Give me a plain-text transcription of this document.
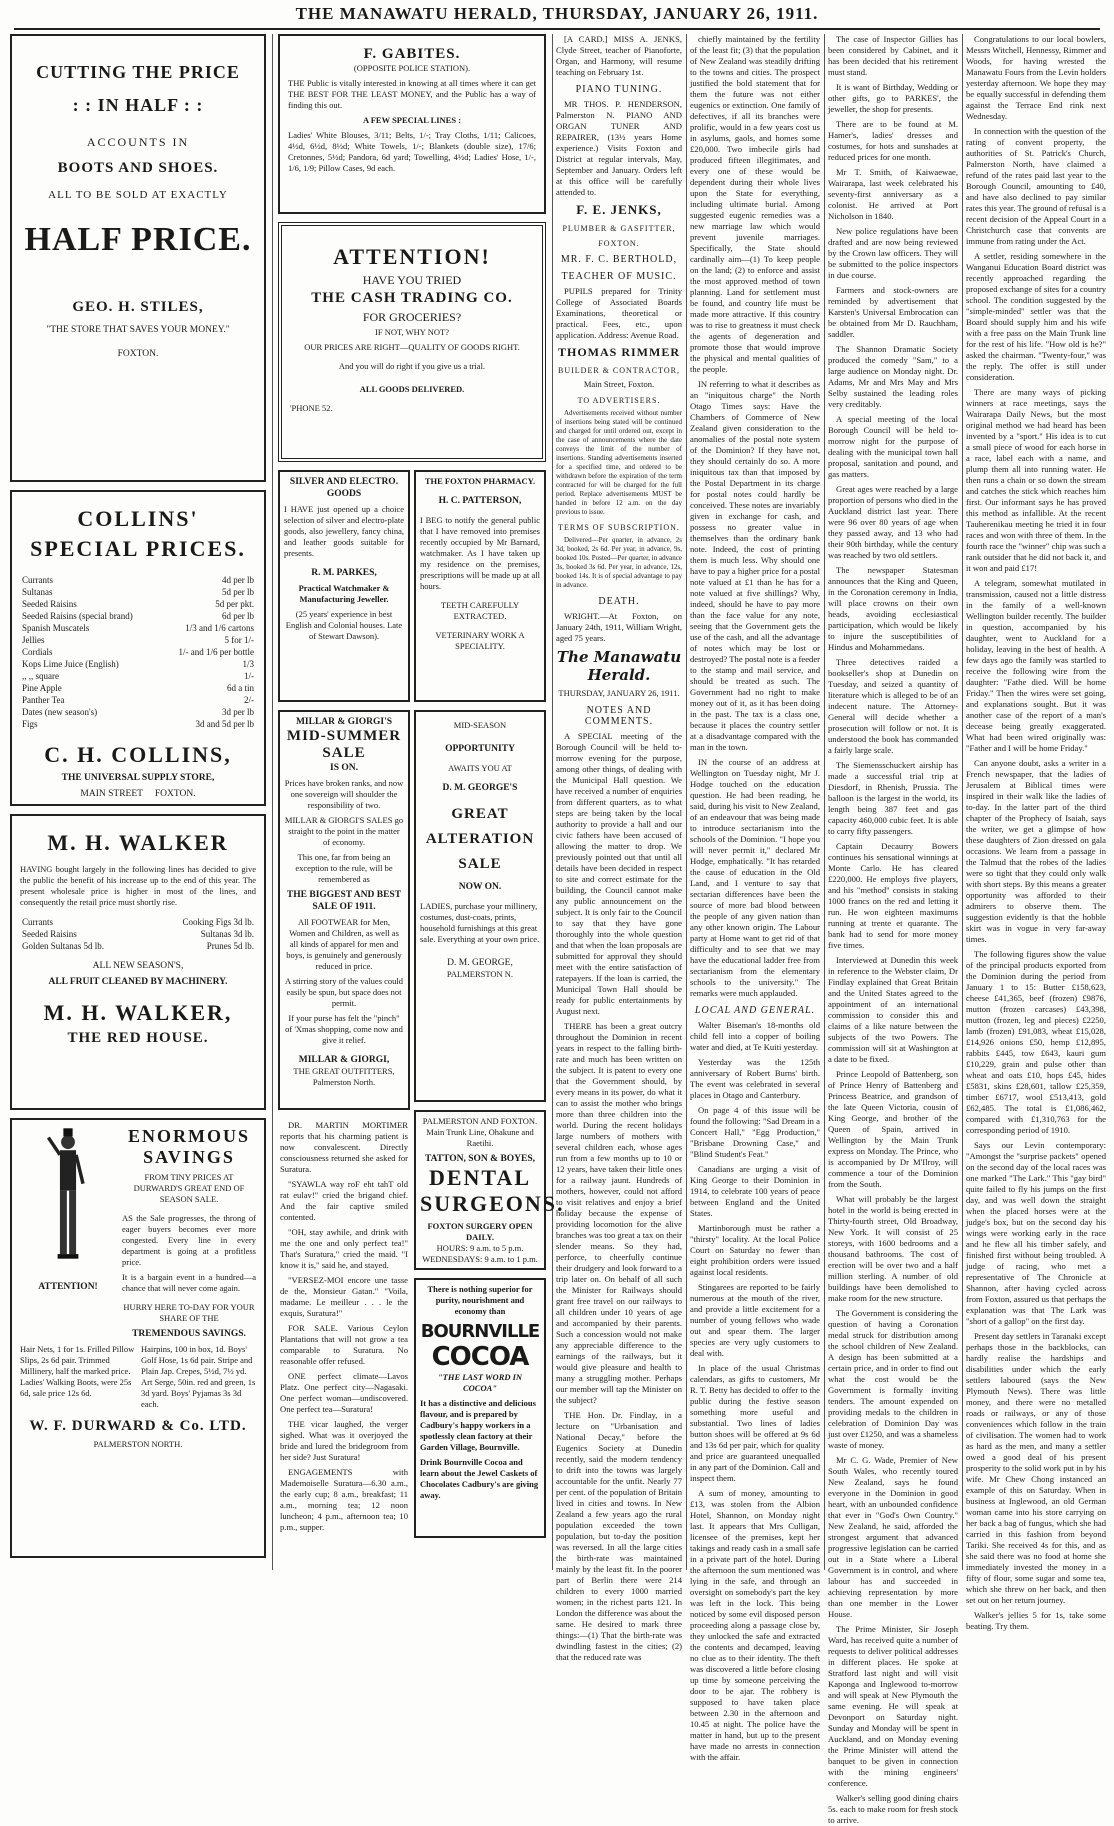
THE MANAWATU HERALD, THURSDAY, JANUARY 26, 1911.
CUTTING THE PRICE
: : IN HALF : :
ACCOUNTS IN
BOOTS AND SHOES.
ALL TO BE SOLD AT EXACTLY
HALF PRICE.
GEO. H. STILES,
"THE STORE THAT SAVES YOUR MONEY."
FOXTON.
COLLINS'
SPECIAL PRICES.
Currants	4d per lb
Sultanas	5d per lb
Seeded Raisins	5d per pkt.
Seeded Raisins (special brand)	6d per lb
Spanish Muscatels	1/3 and 1/6 cartons
Jellies	5 for 1/-
Cordials	1/- and 1/6 per bottle
Kops Lime Juice (English)	1/3
,, ,, square	1/-
Pine Apple	6d a tin
Panther Tea	2/-
Dates (new season's)	3d per lb
Figs	3d and 5d per lb
C. H. COLLINS,
THE UNIVERSAL SUPPLY STORE,
MAIN STREET FOXTON.
M. H. WALKER
HAVING bought largely in the following lines has decided to give the public the benefit of his increase up to the end of this year. The present wholesale price is higher in most of the lines, and consequently the retail price must shortly rise.
Currants	Cooking Figs 3d lb.
Seeded Raisins	Sultanas 3d lb.
Golden Sultanas 5d lb.	Prunes 5d lb.
ALL NEW SEASON'S,
ALL FRUIT CLEANED BY MACHINERY.
M. H. WALKER,
THE RED HOUSE.
ATTENTION!
ENORMOUS
SAVINGS
FROM TINY PRICES AT DURWARD'S GREAT END OF SEASON SALE.
AS the Sale progresses, the throng of eager buyers becomes ever more congested. Every line in every department is going at a profitless price.
It is a bargain event in a hundred—a chance that will never come again.
HURRY HERE TO-DAY FOR YOUR SHARE OF THE
TREMENDOUS SAVINGS.
Hair Nets, 1 for 1s. Frilled Pillow Slips, 2s 6d pair. Trimmed Millinery, half the marked price. Ladies' Walking Boots, were 25s 6d, sale price 12s 6d.
Hairpins, 100 in box, 1d. Boys' Golf Hose, 1s 6d pair. Stripe and Plain Jap. Crepes, 5½d, 7½ yd. Art Serge, 50in. red and green, 1s 3d yard. Boys' Pyjamas 3s 3d each.
W. F. DURWARD & Co. LTD.
PALMERSTON NORTH.
F. GABITES.
(OPPOSITE POLICE STATION).
THE Public is vitally interested in knowing at all times where it can get THE BEST FOR THE LEAST MONEY, and the Public has a way of finding this out.
A FEW SPECIAL LINES :
Ladies' White Blouses, 3/11; Belts, 1/-; Tray Cloths, 1/11; Calicoes, 4½d, 6½d, 8½d; White Towels, 1/-; Blankets (double size), 17/6; Cretonnes, 5½d; Pandora, 6d yard; Towelling, 4½d; Ladies' Hose, 1/-, 1/6, 1/9; Pillow Cases, 9d each.
ATTENTION!
HAVE YOU TRIED
THE CASH TRADING CO.
FOR GROCERIES?
IF NOT, WHY NOT?
OUR PRICES ARE RIGHT—QUALITY OF GOODS RIGHT.
And you will do right if you give us a trial.
ALL GOODS DELIVERED.
'PHONE 52.
SILVER AND ELECTRO. GOODS
I HAVE just opened up a choice selection of silver and electro-plate goods, also jewellery, fancy china, and leather goods suitable for presents.
R. M. PARKES,
Practical Watchmaker & Manufacturing Jeweller.
(25 years' experience in best English and Colonial houses. Late of Stewart Dawson).
MILLAR & GIORGI'S
MID-SUMMER SALE
IS ON.
Prices have broken ranks, and now one sovereign will shoulder the responsibility of two.
MILLAR & GIORGI'S SALES go straight to the point in the matter of economy.
This one, far from being an exception to the rule, will be remembered as
THE BIGGEST AND BEST SALE OF 1911.
All FOOTWEAR for Men, Women and Children, as well as all kinds of apparel for men and boys, is genuinely and generously reduced in price.
A stirring story of the values could easily be spun, but space does not permit.
If your purse has felt the "pinch" of 'Xmas shopping, come now and give it relief.
MILLAR & GIORGI,
THE GREAT OUTFITTERS,
Palmerston North.
DR. MARTIN MORTIMER reports that his charming patient is now convalescent. Directly consciousness returned she asked for Suratura.
"SYAWLA way roF eht tahT old rat eulav!" cried the brigand chief. And the fair captive smiled contented.
"OH, stay awhile, and drink with me the one and only perfect tea!" That's Suratura," cried the maid. "I know it is," said he, and stayed.
"VERSEZ-MOI encore une tasse de the, Monsieur Gatan." "Voila, madame. Le meilleur . . . le the exquis, Suratura!"
FOR SALE. Various Ceylon Plantations that will not grow a tea comparable to Suratura. No reasonable offer refused.
ONE perfect climate—Lavos Platz. One perfect city—Nagasaki. One perfect woman—undiscovered. One perfect tea—Suratura!
THE vicar laughed, the verger sighed. What was it overjoyed the bride and lured the bridegroom from her side? Just Suratura!
ENGAGEMENTS with Mademoiselle Suratura—6.30 a.m., the early cup; 8 a.m., breakfast; 11 a.m., morning tea; 12 noon luncheon; 4 p.m., afternoon tea; 10 p.m., supper.
THE FOXTON PHARMACY.
H. C. PATTERSON,
I BEG to notify the general public that I have removed into premises recently occupied by Mr Barnard, watchmaker. As I have taken up my residence on the premises, prescriptions will be made up at all hours.
TEETH CAREFULLY EXTRACTED.
VETERINARY WORK A SPECIALITY.
MID-SEASON
OPPORTUNITY
AWAITS YOU AT
D. M. GEORGE'S
GREAT
ALTERATION
SALE
NOW ON.
LADIES, purchase your millinery, costumes, dust-coats, prints, household furnishings at this great sale. Everything at your own price.
D. M. GEORGE,
PALMERSTON N.
PALMERSTON AND FOXTON.
Main Trunk Line, Ohakune and Raetihi.
TATTON, SON & BOYES,
DENTAL
SURGEONS.
FOXTON SURGERY OPEN DAILY.
HOURS: 9 a.m. to 5 p.m.
WEDNESDAYS: 9 a.m. to 1 p.m.
There is nothing superior for purity, nourishment and economy than
BOURNVILLE
COCOA
"THE LAST WORD IN COCOA"
It has a distinctive and delicious flavour, and is prepared by Cadbury's happy workers in a spotlessly clean factory at their Garden Village, Bournville.
Drink Bournville Cocoa and learn about the Jewel Caskets of Chocolates Cadbury's are giving away.
[A CARD.] MISS A. JENKS, Clyde Street, teacher of Pianoforte, Organ, and Harmony, will resume teaching on February 1st.
PIANO TUNING.
MR THOS. P. HENDERSON, Palmerston N. PIANO AND ORGAN TUNER AND REPAIRER, (13½ years Home experience.) Visits Foxton and District at regular intervals, May, September and January. Orders left at this office will be carefully attended to.
F. E. JENKS,
PLUMBER & GASFITTER,
FOXTON.
MR. F. C. BERTHOLD,
TEACHER OF MUSIC.
PUPILS prepared for Trinity College of Associated Boards Examinations, theoretical or practical. Fees, etc., upon application. Address: Avenue Road.
THOMAS RIMMER
BUILDER & CONTRACTOR,
Main Street, Foxton.
TO ADVERTISERS.
Advertisements received without number of insertions being stated will be continued and charged for until ordered out, except in the case of announcements where the date conveys the limit of the number of insertions. Standing advertisements inserted for a specified time, and ordered to be withdrawn before the expiration of the term contracted for will be charged for the full period. Replace advertisements MUST be handed in before 12 a.m. on the day previous to issue.
TERMS OF SUBSCRIPTION.
Delivered—Per quarter, in advance, 2s 3d, booked, 2s 6d. Per year, in advance, 9s, booked 10s. Posted—Per quarter, in advance 3s, booked 3s 6d. Per year, in advance, 12s, booked 14s. It is of special advantage to pay in advance.
DEATH.
WRIGHT.—At Foxton, on January 24th, 1911, William Wright, aged 75 years.
The Manawatu Herald.
THURSDAY, JANUARY 26, 1911.
NOTES AND COMMENTS.
A SPECIAL meeting of the Borough Council will be held to-morrow evening for the purpose, among other things, of dealing with the Municipal Hall question. We have received a number of enquiries from different quarters, as to what steps are being taken by the local authority to provide a hall and our civic fathers have been accused of allowing the matter to drop. We previously pointed out that until all details have been decided in respect to site and correct estimate for the building, the Council cannot make any public announcement on the subject. It is only fair to the Council to say that they have gone thoroughly into the whole question and that when the loan proposals are submitted for approval they should meet with the entire satisfaction of ratepayers. If the loan is carried, the Municipal Town Hall should be ready for public entertainments by August next.
THERE has been a great outcry throughout the Dominion in recent years in respect to the falling birth-rate and much has been written on the subject. It is patent to every one that the Government should, by every means in its power, do what it can to assist the mother who brings more than three children into the world. During the recent holidays large numbers of mothers with several children each, whose ages run from a few months up to 10 or 12 years, have taken their little ones for a railway jaunt. Hundreds of mothers, however, could not afford to visit relatives and enjoy a brief holiday because the expense of providing locomotion for the alive branches was too great a tax on their slender means. So they had, perforce, to cheerfully continue their drudgery and look forward to a trip later on. On behalf of all such the Minister for Railways should grant free travel on our railways to all children under 10 years of age and accompanied by their parents. Such a concession would not make any appreciable difference to the earnings of the railways, but it would give pleasure and health to many a struggling mother. Perhaps our member will tap the Minister on the subject?
THE Hon. Dr. Findlay, in a lecture on "Urbanisation and National Decay," before the Eugenics Society at Dunedin recently, said the modern tendency to drift into the towns was largely accountable for the unfit. Nearly 77 per cent. of the population of Britain lived in cities and towns. In New Zealand a few years ago the rural population exceeded the town population, but to-day the position was reversed. In all the large cities the birth-rate was maintained mainly by the least fit. In the poorer part of Berlin there were 214 children to every 1000 married women; in the richest parts 121. In London the difference was about the same. He desired to mark three things:—(1) That the birth-rate was dwindling fastest in the cities; (2) that the reduced rate was
chiefly maintained by the fertility of the least fit; (3) that the population of New Zealand was steadily drifting to the towns and cities. The prospect justified the bold statement that for them the future was not either eugenics or extinction. One family of defectives, if all its branches were prolific, would in a few years cost us in asylums, gaols, and homes some £20,000. Two imbecile girls had produced fifteen illegitimates, and every one of these would be dependent during their whole lives upon the State for everything, including ultimate burial. Among suggested eugenic remedies was a new marriage law which would prevent juvenile marriages. Specifically, the State should cardinally aim—(1) To keep people on the land; (2) to enforce and assist the most approved method of town planning. Land for settlement must be found, and country life must be made more attractive. If this country was to rise to greatness it must check the agents of degeneration and promote those that would improve the physical and mental qualities of the people.
IN referring to what it describes as an "iniquitous charge" the North Otago Times says: Have the Chambers of Commerce of New Zealand given consideration to the anomalies of the postal note system of the Dominion? If they have not, they should certainly do so. A more iniquitous tax than that imposed by the Postal Department in its charge for postal notes could hardly be conceived. These notes are invariably given in exchange for cash, and possess no greater value in themselves than the ordinary bank note. Indeed, the cost of printing them is much less. Why should one have to pay a higher price for a postal note valued at £1 than he has for a note valued at five shillings? Why, indeed, should he have to pay more than the face value for any note, seeing that the Government gets the use of the cash, and all the advantage of notes which may be lost or destroyed? The postal note is a feeder to the stamp and mail service, and should be treated as such. The Government had no right to make money out of it, as it has been doing in the past. The tax is a class one, because it places the country settler at a disadvantage compared with the man in the town.
IN the course of an address at Wellington on Tuesday night, Mr J. Hodge touched on the education question. He had been reading, he said, during his visit to New Zealand, of an endeavour that was being made to introduce sectarianism into the schools of the Dominion. "I hope you will never permit it," declared Mr Hodge, emphatically. "It has retarded the cause of education in the Old Land, and I venture to say that sectarian differences have been the source of more bad blood between the people of any given nation than any other known origin. The Labour party at Home want to get rid of that difficulty and to see that we may have the educational ladder free from sectarianism from the elementary schools to the university." The remarks were much applauded.
LOCAL AND GENERAL.
Walter Biseman's 18-months old child fell into a copper of boiling water and died, at Te Kuiti yesterday.
Yesterday was the 125th anniversary of Robert Burns' birth. The event was celebrated in several places in Otago and Canterbury.
On page 4 of this issue will be found the following: "Sad Dream in a Concert Hall," "Egg Production," "Brisbane Drowning Case," and "Blind Student's Feat."
Canadians are urging a visit of King George to their Dominion in 1914, to celebrate 100 years of peace between England and the United States.
Martinborough must be rather a "thirsty" locality. At the local Police Court on Saturday no fewer than eight prohibition orders were issued against local residents.
Stingarees are reported to be fairly numerous at the mouth of the river, and provide a little excitement for a number of young fellows who wade out and spear them. The larger species are very ugly customers to deal with.
In place of the usual Christmas calendars, as gifts to customers, Mr R. T. Betty has decided to offer to the public during the festive season something more useful and substantial. Two lines of ladies button shoes will be offered at 9s 6d and 13s 6d per pair, which for quality and price are guaranteed unequalled in any part of the Dominion. Call and inspect them.
A sum of money, amounting to £13, was stolen from the Albion Hotel, Shannon, on Monday night last. It appears that Mrs Culligan, licensee of the premises, kept her takings and ready cash in a small safe in a private part of the hotel. During the afternoon the sum mentioned was lying in the safe, and through an oversight on somebody's part the key was left in the lock. This being noticed by some evil disposed person proceeding along a passage close by, they unlocked the safe and extracted the contents and decamped, leaving no clue as to their identity. The theft was discovered a little before closing up time by someone perceiving the door to be ajar. The robbery is supposed to have taken place between 2.30 in the afternoon and 10.45 at night. The police have the matter in hand, but up to the present have made no arrests in connection with the affair.
The case of Inspector Gillies has been considered by Cabinet, and it has been decided that his retirement must stand.
It is want of Birthday, Wedding or other gifts, go to PARKES', the jeweller, the shop for presents.
There are to be found at M. Hamer's, ladies' dresses and costumes, for hots and sunshades at reduced prices for one month.
Mr T. Smith, of Kaiwaewae, Wairarapa, last week celebrated his seventy-first anniversary as a colonist. He arrived at Port Nicholson in 1840.
New police regulations have been drafted and are now being reviewed by the Crown law officers. They will be submitted to the police inspectors in due course.
Farmers and stock-owners are reminded by advertisement that Karsten's Universal Embrocation can be obtained from Mr D. Rauchham, saddler.
The Shannon Dramatic Society produced the comedy "Sam," to a large audience on Monday night. Dr. Adams, Mr and Mrs May and Mrs Selby sustained the leading roles very creditably.
A special meeting of the local Borough Council will be held to-morrow night for the purpose of dealing with the municipal town hall proposal, sanitation and pound, and gas matters.
Great ages were reached by a large proportion of persons who died in the Auckland district last year. There were 96 over 80 years of age when they passed away, and 13 who had their 90th birthday, while the century was reached by two old settlers.
The newspaper Statesman announces that the King and Queen, in the Coronation ceremony in India, will place crowns on their own heads, avoiding ecclesiastical participation, which would be likely to injure the susceptibilities of Hindus and Mohammedans.
Three detectives raided a bookseller's shop at Dunedin on Tuesday, and seized a quantity of literature which is alleged to be of an indecent nature. The Attorney-General will decide whether a prosecution will follow or not. It is understood the book has commanded a fairly large scale.
The Siemensschuckert airship has made a successful trial trip at Diesdorf, in Rhenish, Prussia. The balloon is the largest in the world, its length being 387 feet and gas capacity 460,000 cubic feet. It is able to carry fifty passengers.
Captain Decaurry Bowers continues his sensational winnings at Monte Carlo. He has cleared £220,000. He employs five players, and his "method" consists in staking 1000 francs on the red and letting it run. He won eighteen maximums running at trente et quarante. The bank had to send for more money five times.
Interviewed at Dunedin this week in reference to the Webster claim, Dr Findlay explained that Great Britain and the United States agreed to the appointment of an international commission to consider this and claims of a like nature between the subjects of the two Powers. The commission will sit at Washington at a date to be fixed.
Prince Leopold of Battenberg, son of Prince Henry of Battenberg and Princess Beatrice, and grandson of the late Queen Victoria, cousin of King George, and brother of the Queen of Spain, arrived in Wellington by the Main Trunk express on Monday. The Prince, who is accompanied by Dr M'Ilroy, will commence a tour of the Dominion from the South.
What will probably be the largest hotel in the world is being erected in Thirty-fourth street, Old Broadway, New York. It will consist of 25 storeys, with 1600 bedrooms and a thousand bathrooms. The cost of erection will be over two and a half million sterling. A number of old buildings have been demolished to make room for the new structure.
The Government is considering the question of having a Coronation medal struck for distribution among the school children of New Zealand. A design has been submitted at a certain price, and in order to find out what the cost would be the Government is formally inviting tenders. The amount expended on providing medals to the children in celebration of Dominion Day was just over £1250, and was a shameless waste of money.
Mr C. G. Wade, Premier of New South Wales, who recently toured New Zealand, says he found everyone in the Dominion in good heart, with an unbounded confidence that ever in "God's Own Country." New Zealand, he said, afforded the strongest argument that advanced progressive legislation can be carried out in a State where a Liberal Government is in control, and where labour has and succeeded in achieving representation by more than one member in the Lower House.
The Prime Minister, Sir Joseph Ward, has received quite a number of requests to deliver political addresses in different places. He spoke at Stratford last night and will visit Kaponga and Inglewood to-morrow and will speak at New Plymouth the same evening. He will speak at Devonport on Saturday night. Sunday and Monday will be spent in Auckland, and on Monday evening the Prime Minister will attend the banquet to be given in connection with the mining engineers' conference.
Walker's selling good dining chairs 5s. each to make room for fresh stock to arrive.
Congratulations to our local bowlers, Messrs Witchell, Hennessy, Rimmer and Woods, for having wrested the Manawatu Fours from the Levin holders yesterday afternoon. We hope they may be equally successful in defending them against the Terrace End rink next Wednesday.
In connection with the question of the rating of convent property, the authorities of St. Patrick's Church, Palmerston North, have claimed a refund of the rates paid last year to the Borough Council, amounting to £40, and have also declined to pay similar rates this year. The ground of refusal is a recent decision of the Appeal Court in a Christchurch case that convents are immune from rating under the Act.
A settler, residing somewhere in the Wanganui Education Board district was recently approached regarding the proposed exchange of sites for a country school. The condition suggested by the "simple-minded" settler was that the Board should supply him and his wife with a free pass on the Main Trunk line for the rest of his life. "How old is he?" asked the chairman. "Twenty-four," was the reply. The offer is still under consideration.
There are many ways of picking winners at race meetings, says the Wairarapa Daily News, but the most original method we had heard has been invented by a "sport." His idea is to cut a small piece of wood for each horse in a race, label each with a name, and plump them all into running water. He then runs a chain or so down the stream and catches the stick which reaches him first. Our informant says he has proved this method as infallible. At the recent Tauherenikau meeting he tried it in four races and won with three of them. In the fourth race the "winner" chip was such a rank outsider that he did not back it, and it won and paid £17!
A telegram, somewhat mutilated in transmission, caused not a little distress in the family of a well-known Wellington builder recently. The builder in question, accompanied by his daughter, went to Auckland for a holiday, leaving in the best of health. A few days ago the family was startled to receive the following wire from the daughter: "Fathe died. Will be home Friday." Then the wires were set going, and explanations sought. But it was another case of the report of a man's decease being greatly exaggerated. What had been wired originally was: "Father and I will be home Friday."
Can anyone doubt, asks a writer in a French newspaper, that the ladies of Jerusalem at Biblical times were inspired in their walk like the ladies of to-day. In the latter part of the third chapter of the Prophecy of Isaiah, says the writer, we get a glimpse of how these daughters of Zion dressed on gala occasions. We learn from a passage in the Talmud that the robes of the ladies were so tight that they could only walk with short steps. By this means a greater opportunity was afforded to their admirers to observe them. The suggestion evidently is that the hobble skirt was in vogue in very far-away times.
The following figures show the value of the principal products exported from the Dominion during the period from January 1 to 15: Butter £158,623, cheese £41,365, beef (frozen) £9876, mutton (frozen carcases) £43,398, mutton (frozen, leg and pieces) £2250, lamb (frozen) £91,083, wheat £15,028, £14,926 onions £50, hemp £12,895, rabbits £445, tow £643, kauri gum £10,229, grain and pulse other than wheat and oats £10, hops £45, hides £5831, skins £28,601, tallow £25,359, timber £6717, wool £513,413, gold £62,485. The total is £1,086,462, compared with £1,310,763 for the corresponding period of 1910.
Says our Levin contemporary: "Amongst the "surprise packets" opened on the second day of the local races was one marked "The Lark." This "gay bird" quite failed to fly his jumps on the first day, and was well down the straight when the placed horses were at the judge's box, but on the second day his wings were working early in the race and he flew all his timber safely, and finished first without being troubled. A judge of racing, who met a representative of The Chronicle at Shannon, after having cycled across from Foxton, assured us that perhaps the explanation was that The Lark was "short of a gallop" on the first day.
Present day settlers in Taranaki except perhaps those in the backblocks, can hardly realise the hardships and disabilities under which the early settlers laboured (says the New Plymouth News). There was little money, and there were no metalled roads or railways, or any of those conveniences which follow in the train of civilisation. The women had to work as hard as the men, and many a settler owed a good deal of his present prosperity to the solid work put in by his wife. Mr Chew Chong instanced an example of this on Saturday. When in business at Inglewood, an old German woman came into his store carrying on her back a bag of fungus, which she had carried in this fashion from beyond Tariki. She received 4s for this, and as she said there was no food at home she immediately invested the money in a fifty of flour, some sugar and some tea, which she threw on her back, and then set out on her return journey.
Walker's jellies 5 for 1s, take some beating. Try them.
